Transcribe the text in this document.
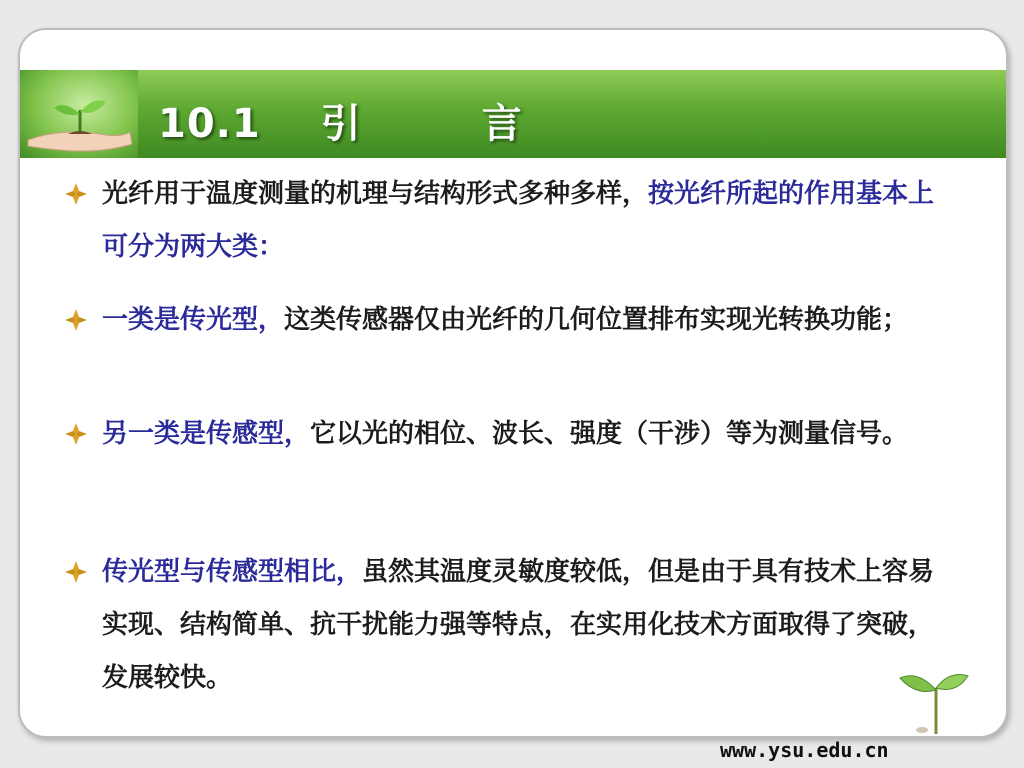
10.1 引	言
光纤用于温度测量的机理与结构形式多种多样，按光纤所起的作用基本上可分为两大类：
一类是传光型，这类传感器仅由光纤的几何位置排布实现光转换功能；
另一类是传感型，它以光的相位、波长、强度（干涉）等为测量信号。
传光型与传感型相比，虽然其温度灵敏度较低，但是由于具有技术上容易实现、结构简单、抗干扰能力强等特点，在实用化技术方面取得了突破，发展较快。
www.ysu.edu.cn
